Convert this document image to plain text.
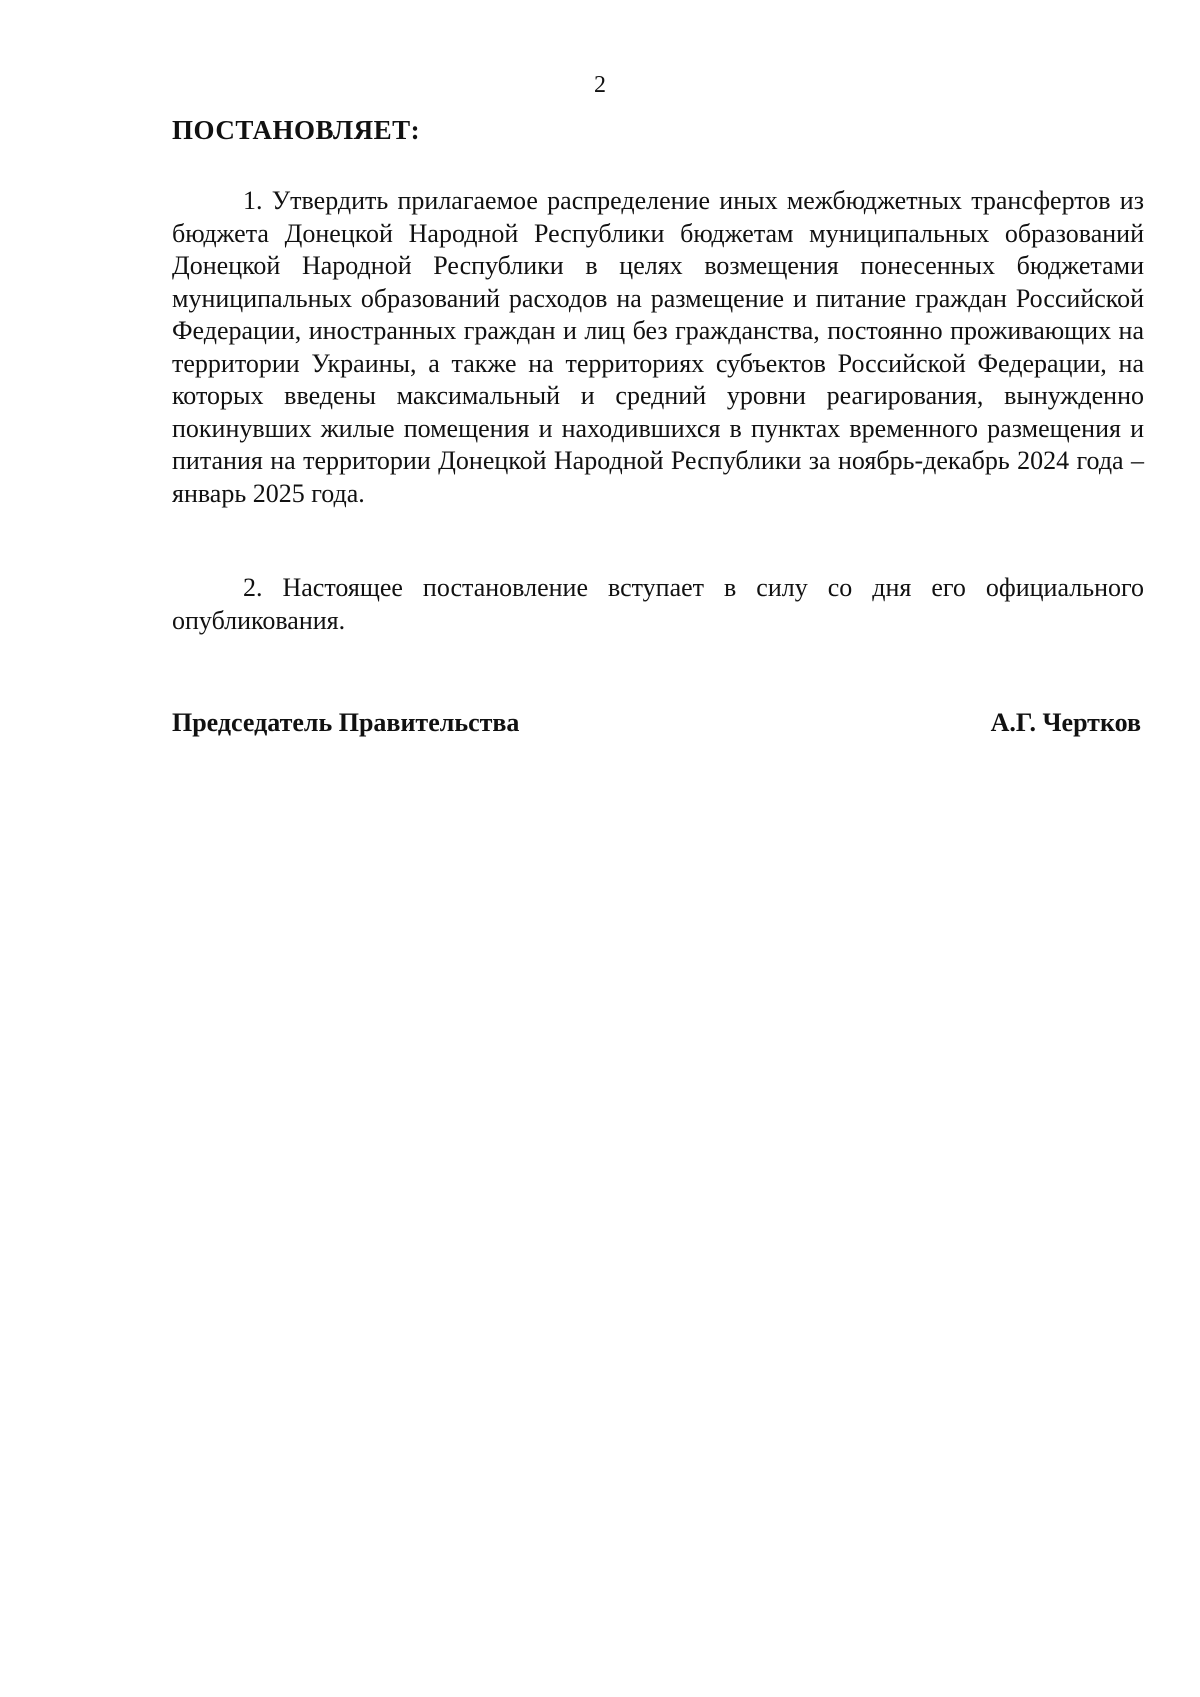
2
ПОСТАНОВЛЯЕТ:

1. Утвердить прилагаемое распределение иных межбюджетных трансфертов из бюджета Донецкой Народной Республики бюджетам муниципальных образований Донецкой Народной Республики в целях возмещения понесенных бюджетами муниципальных образований расходов на размещение и питание граждан Российской Федерации, иностранных граждан и лиц без гражданства, постоянно проживающих на территории Украины, а также на территориях субъектов Российской Федерации, на которых введены максимальный и средний уровни реагирования, вынужденно покинувших жилые помещения и находившихся в пунктах временного размещения и питания на территории Донецкой Народной Республики за ноябрь-декабрь 2024 года – январь 2025 года.

2. Настоящее постановление вступает в силу со дня его официального опубликования.

Председатель Правительства	А.Г. Чертков
